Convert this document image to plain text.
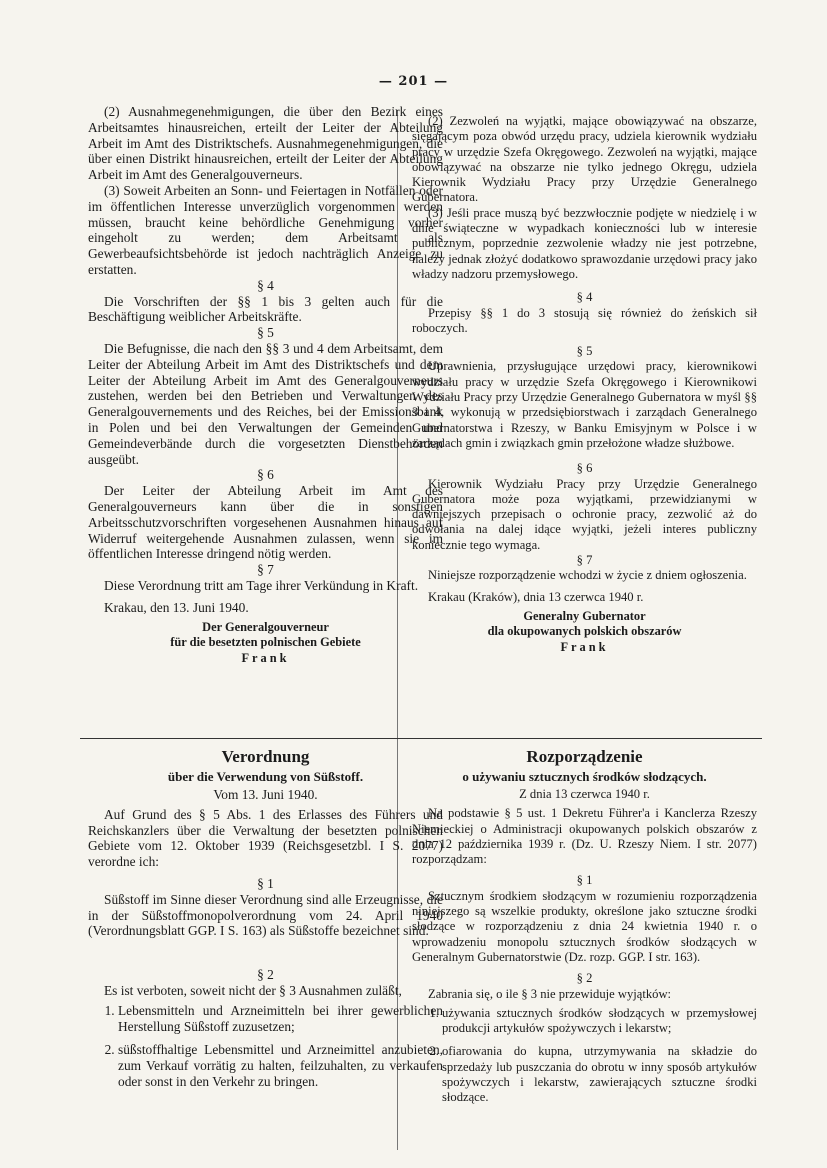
— 201 —

(2) Ausnahmegenehmigungen, die über den Bezirk eines Arbeitsamtes hinausreichen, erteilt der Leiter der Abteilung Arbeit im Amt des Distriktschefs. Ausnahmegenehmigungen, die über einen Distrikt hinausreichen, erteilt der Leiter der Abteilung Arbeit im Amt des Generalgouverneurs.

(3) Soweit Arbeiten an Sonn- und Feiertagen in Notfällen oder im öffentlichen Interesse unverzüglich vorgenommen werden müssen, braucht keine behördliche Genehmigung vorher eingeholt zu werden; dem Arbeitsamt als Gewerbeaufsichtsbehörde ist jedoch nachträglich Anzeige zu erstatten.

§ 4

Die Vorschriften der §§ 1 bis 3 gelten auch für die Beschäftigung weiblicher Arbeitskräfte.

§ 5

Die Befugnisse, die nach den §§ 3 und 4 dem Arbeitsamt, dem Leiter der Abteilung Arbeit im Amt des Distriktschefs und dem Leiter der Abteilung Arbeit im Amt des Generalgouverneurs zustehen, werden bei den Betrieben und Verwaltungen des Generalgouvernements und des Reiches, bei der Emissionsbank in Polen und bei den Verwaltungen der Gemeinden und Gemeindeverbände durch die vorgesetzten Dienstbehörden ausgeübt.

§ 6

Der Leiter der Abteilung Arbeit im Amt des Generalgouverneurs kann über die in sonstigen Arbeitsschutzvorschriften vorgesehenen Ausnahmen hinaus auf Widerruf weitergehende Ausnahmen zulassen, wenn sie im öffentlichen Interesse dringend nötig werden.

§ 7

Diese Verordnung tritt am Tage ihrer Verkündung in Kraft.

Krakau, den 13. Juni 1940.

Der Generalgouverneur
für die besetzten polnischen Gebiete
Frank

(2) Zezwoleń na wyjątki, mające obowiązywać na obszarze, sięgającym poza obwód urzędu pracy, udziela kierownik wydziału pracy w urzędzie Szefa Okręgowego. Zezwoleń na wyjątki, mające obowiązywać na obszarze nie tylko jednego Okręgu, udziela Kierownik Wydziału Pracy przy Urzędzie Generalnego Gubernatora.

(3) Jeśli prace muszą być bezzwłocznie podjęte w niedzielę i w dnie świąteczne w wypadkach konieczności lub w interesie publicznym, poprzednie zezwolenie władzy nie jest potrzebne, należy jednak złożyć dodatkowo sprawozdanie urzędowi pracy jako władzy nadzoru przemysłowego.

§ 4

Przepisy §§ 1 do 3 stosują się również do żeńskich sił roboczych.

§ 5

Uprawnienia, przysługujące urzędowi pracy, kierownikowi wydziału pracy w urzędzie Szefa Okręgowego i Kierownikowi Wydziału Pracy przy Urzędzie Generalnego Gubernatora w myśl §§ 3 i 4, wykonują w przedsiębiorstwach i zarządach Generalnego Gubernatorstwa i Rzeszy, w Banku Emisyjnym w Polsce i w zarządach gmin i związkach gmin przełożone władze służbowe.

§ 6

Kierownik Wydziału Pracy przy Urzędzie Generalnego Gubernatora może poza wyjątkami, przewidzianymi w dawniejszych przepisach o ochronie pracy, zezwolić aż do odwołania na dalej idące wyjątki, jeżeli interes publiczny koniecznie tego wymaga.

§ 7

Niniejsze rozporządzenie wchodzi w życie z dniem ogłoszenia.

Krakau (Kraków), dnia 13 czerwca 1940 r.

Generalny Gubernator
dla okupowanych polskich obszarów
Frank
Verordnung
über die Verwendung von Süßstoff.
Vom 13. Juni 1940.

Auf Grund des § 5 Abs. 1 des Erlasses des Führers und Reichskanzlers über die Verwaltung der besetzten polnischen Gebiete vom 12. Oktober 1939 (Reichsgesetzbl. I S. 2077) verordne ich:

§ 1

Süßstoff im Sinne dieser Verordnung sind alle Erzeugnisse, die in der Süßstoffmonopolverordnung vom 24. April 1940 (Verordnungsblatt GGP. I S. 163) als Süßstoffe bezeichnet sind.

§ 2

Es ist verboten, soweit nicht der § 3 Ausnahmen zuläßt,

1. Lebensmitteln und Arzneimitteln bei ihrer gewerblichen Herstellung Süßstoff zuzusetzen;
2. süßstoffhaltige Lebensmittel und Arzneimittel anzubieten, zum Verkauf vorrätig zu halten, feilzuhalten, zu verkaufen oder sonst in den Verkehr zu bringen.
Rozporządzenie
o używaniu sztucznych środków słodzących.
Z dnia 13 czerwca 1940 r.

Na podstawie § 5 ust. 1 Dekretu Führer'a i Kanclerza Rzeszy Niemieckiej o Administracji okupowanych polskich obszarów z dnia 12 października 1939 r. (Dz. U. Rzeszy Niem. I str. 2077) rozporządzam:

§ 1

Sztucznym środkiem słodzącym w rozumieniu rozporządzenia niniejszego są wszelkie produkty, określone jako sztuczne środki słodzące w rozporządzeniu z dnia 24 kwietnia 1940 r. o wprowadzeniu monopolu sztucznych środków słodzących w Generalnym Gubernatorstwie (Dz. rozp. GGP. I str. 163).

§ 2

Zabrania się, o ile § 3 nie przewiduje wyjątków:

1. używania sztucznych środków słodzących w przemysłowej produkcji artykułów spożywczych i lekarstw;
2. ofiarowania do kupna, utrzymywania na składzie do sprzedaży lub puszczania do obrotu w inny sposób artykułów spożywczych i lekarstw, zawierających sztuczne środki słodzące.
